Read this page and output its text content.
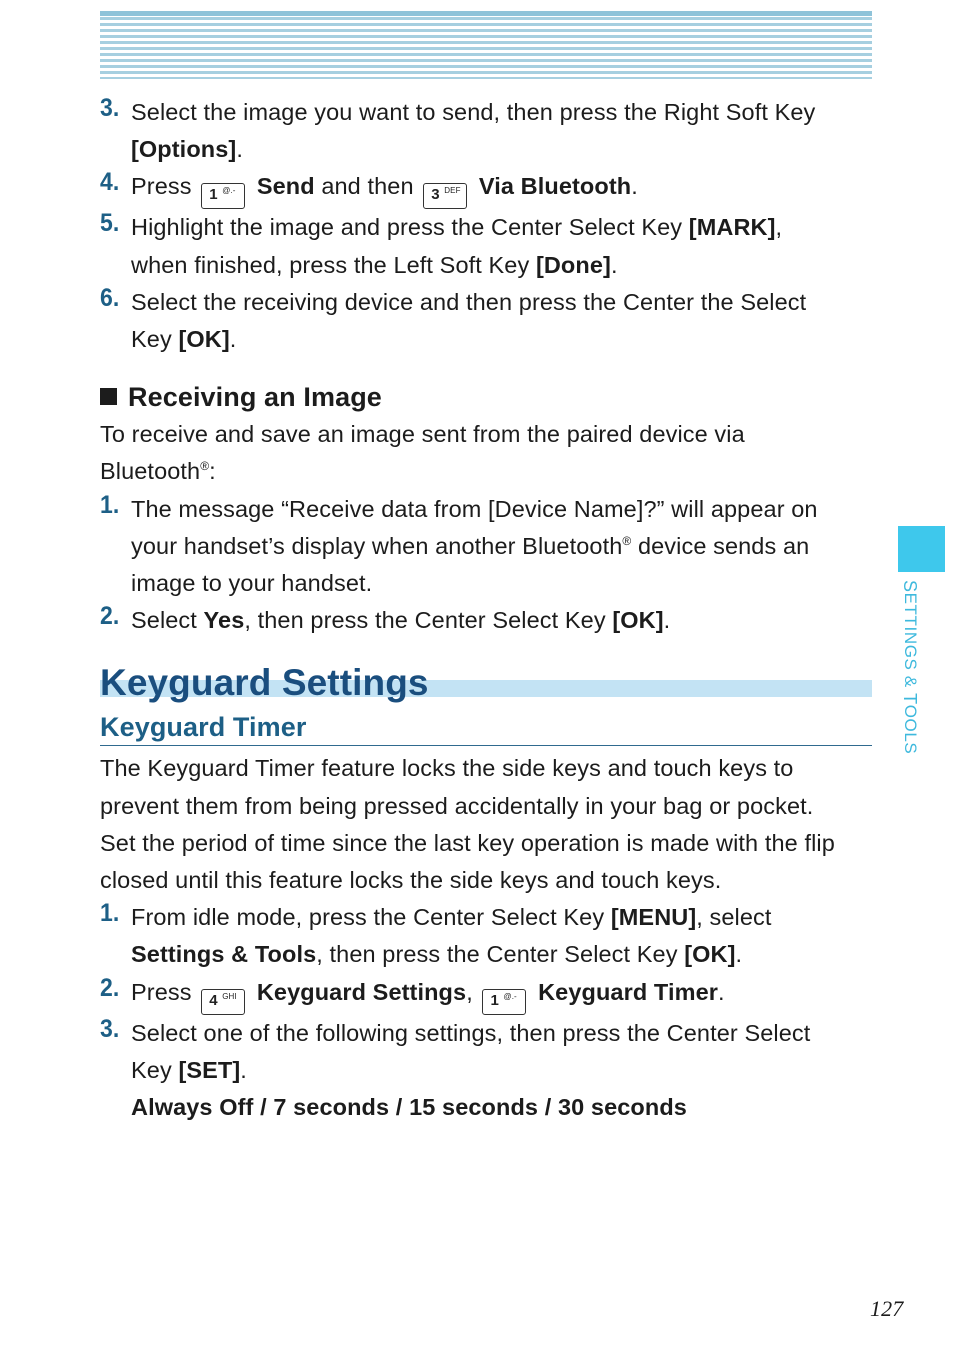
3. Select the image you want to send, then press the Right Soft Key
[Options].
4. Press 1 @.- Send and then 3 DEF Via Bluetooth.
5. Highlight the image and press the Center Select Key [MARK],
when finished, press the Left Soft Key [Done].
6. Select the receiving device and then press the Center the Select
Key [OK].
Receiving an Image
To receive and save an image sent from the paired device via
Bluetooth®:
1. The message “Receive data from [Device Name]?” will appear on
your handset’s display when another Bluetooth® device sends an
image to your handset.
2. Select Yes, then press the Center Select Key [OK].
Keyguard Settings
Keyguard Timer
The Keyguard Timer feature locks the side keys and touch keys to
prevent them from being pressed accidentally in your bag or pocket.
Set the period of time since the last key operation is made with the flip
closed until this feature locks the side keys and touch keys.
1. From idle mode, press the Center Select Key [MENU], select
Settings & Tools, then press the Center Select Key [OK].
2. Press 4 GHI Keyguard Settings, 1 @.- Keyguard Timer.
3. Select one of the following settings, then press the Center Select
Key [SET].
Always Off / 7 seconds / 15 seconds / 30 seconds
SETTINGS & TOOLS
127
